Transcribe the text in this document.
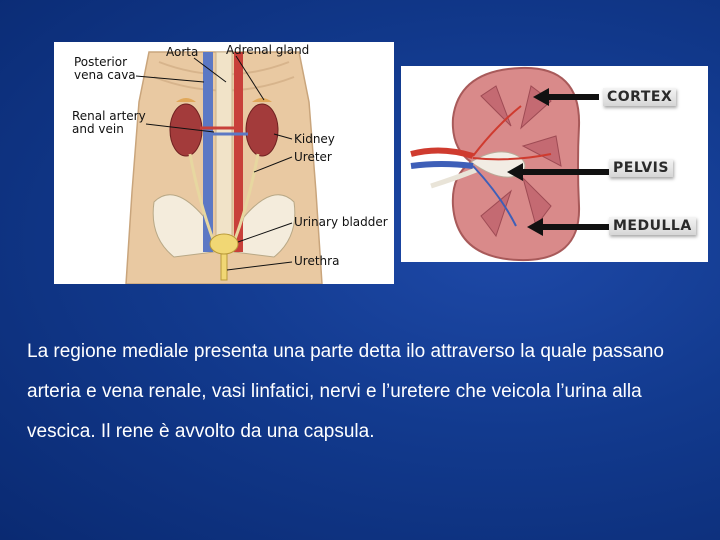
Posterior
vena cava
Aorta Adrenal gland
Renal artery
and vein
Kidney
Ureter
Urinary bladder
Urethra
CORTEX
PELVIS
MEDULLA

La regione mediale presenta una parte detta ilo attraverso la quale passano arteria e vena renale, vasi linfatici, nervi e l’uretere che veicola l’urina alla vescica. Il rene è avvolto da una capsula.
